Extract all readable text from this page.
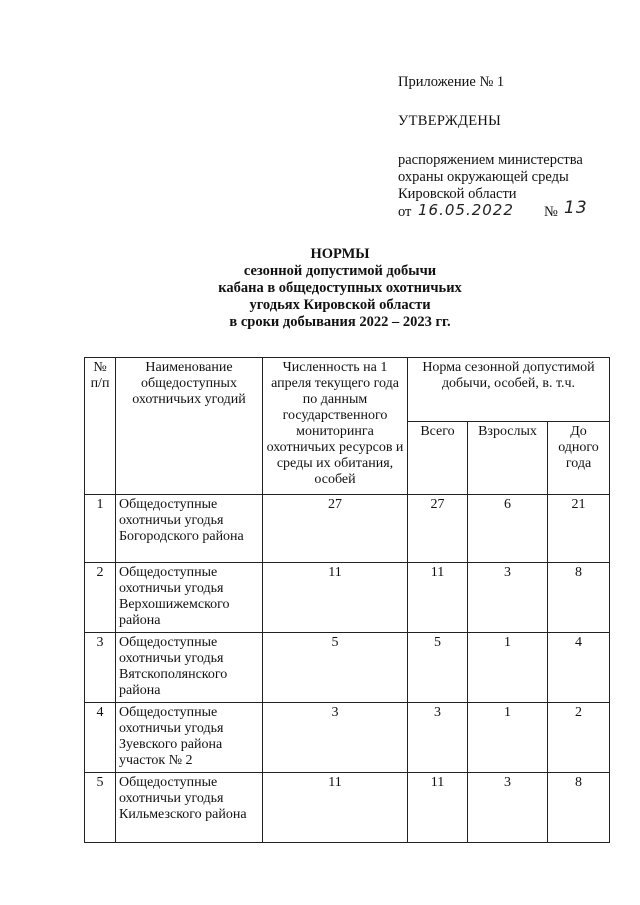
Приложение № 1
УТВЕРЖДЕНЫ
распоряжением министерства
охраны окружающей среды
Кировской области
от 16.05.2022 № 13
НОРМЫ
сезонной допустимой добычи
кабана в общедоступных охотничьих
угодьях Кировской области
в сроки добывания 2022 – 2023 гг.
№ п/п	Наименование общедоступных охотничьих угодий	Численность на 1 апреля текущего года по данным государственного мониторинга охотничьих ресурсов и среды их обитания, особей	Норма сезонной допустимой добычи, особей, в. т.ч.		
			Всего	Взрослых	До одного года
1	Общедоступные охотничьи угодья Богородского района	27	27	6	21
2	Общедоступные охотничьи угодья Верхошижемского района	11	11	3	8
3	Общедоступные охотничьи угодья Вятскополянского района	5	5	1	4
4	Общедоступные охотничьи угодья Зуевского района участок № 2	3	3	1	2
5	Общедоступные охотничьи угодья Кильмезского района	11	11	3	8
